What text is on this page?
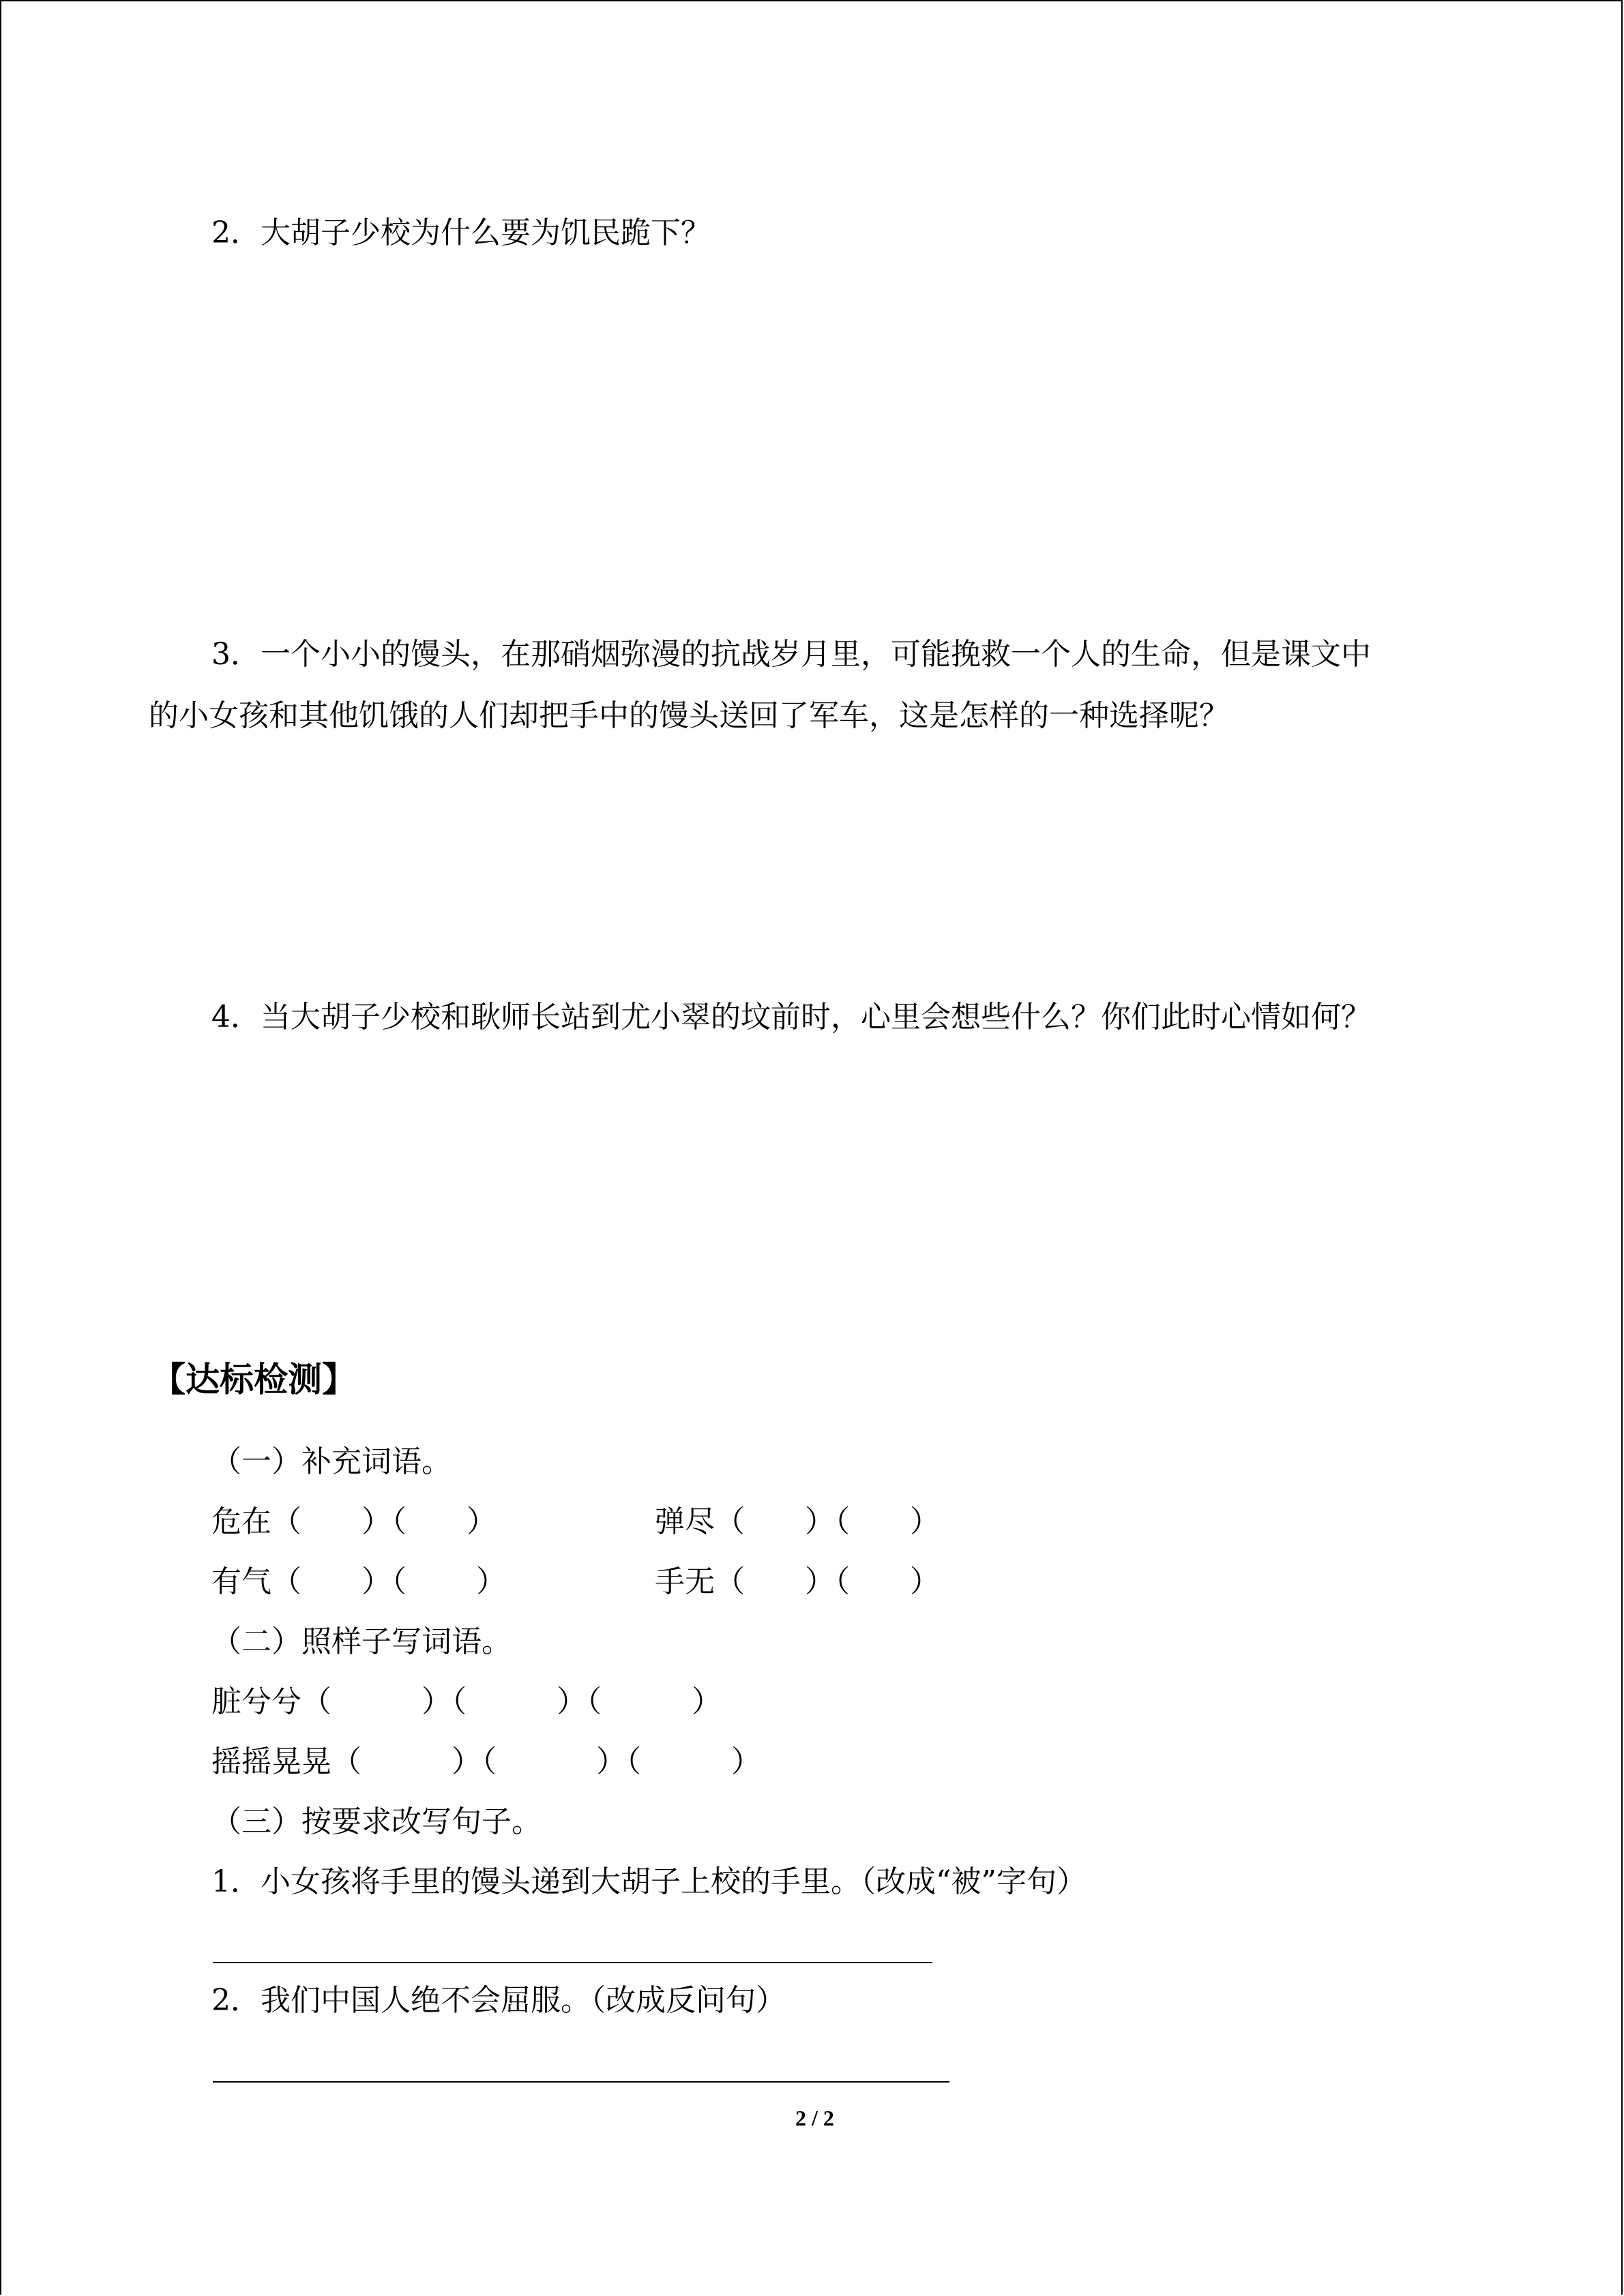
2．大胡子少校为什么要为饥民跪下？
3．一个小小的馒头，在那硝烟弥漫的抗战岁月里，可能挽救一个人的生命，但是课文中
的小女孩和其他饥饿的人们却把手中的馒头送回了军车，这是怎样的一种选择呢？
4．当大胡子少校和耿师长站到尤小翠的坟前时，心里会想些什么？你们此时心情如何？
【达标检测】
（一）补充词语。
危在（　　）（　　）	弹尽（　　）（　　）
有气（　　）（　　 ）	手无（　　）（　　）
（二）照样子写词语。
脏兮兮（　　　）（　　　）（　　　）
摇摇晃晃（　　　）（　　　 ）（　　　）
（三）按要求改写句子。
1．小女孩将手里的馒头递到大胡子上校的手里。（改成“被”字句）
2．我们中国人绝不会屈服。（改成反问句）
2 / 2
